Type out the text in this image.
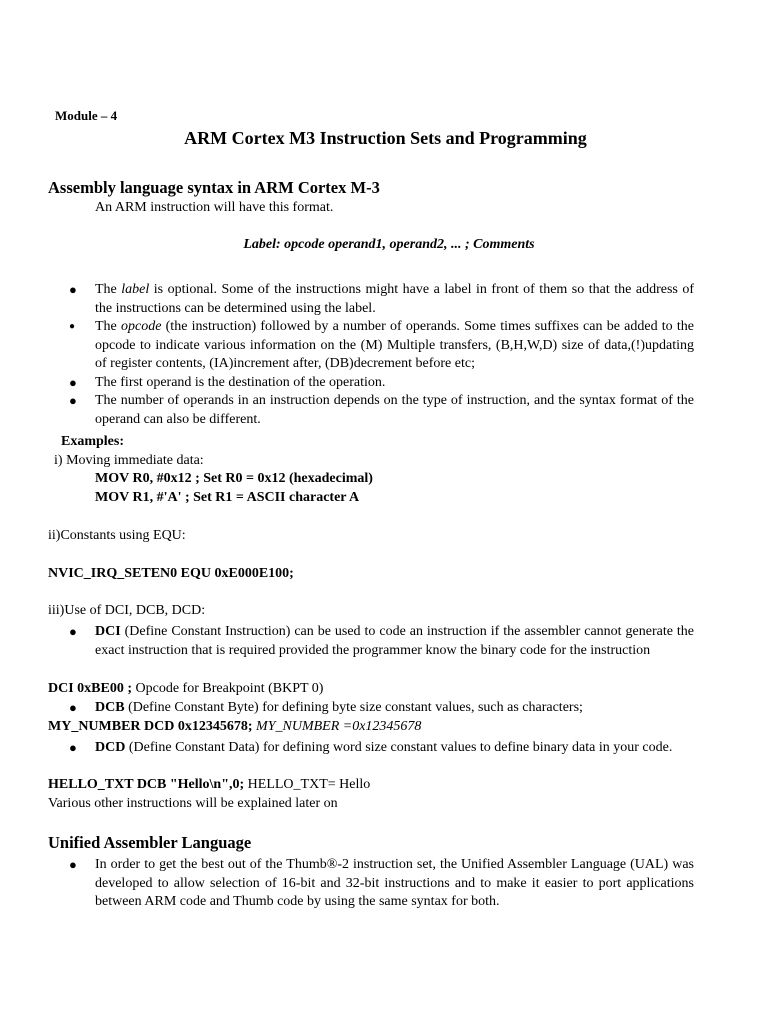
Module – 4
ARM Cortex M3 Instruction Sets and Programming
Assembly language syntax in ARM Cortex M-3
An ARM instruction will have this format.
Label: opcode operand1, operand2, ... ; Comments
● The label is optional. Some of the instructions might have a label in front of them so that the address of the instructions can be determined using the label.
● The opcode (the instruction) followed by a number of operands. Some times suffixes can be added to the opcode to indicate various information on the (M) Multiple transfers, (B,H,W,D) size of data,(!)updating of register contents, (IA)increment after, (DB)decrement before etc;
● The first operand is the destination of the operation.
● The number of operands in an instruction depends on the type of instruction, and the syntax format of the operand can also be different.
Examples:
i) Moving immediate data:
MOV R0, #0x12 ; Set R0 = 0x12 (hexadecimal)
MOV R1, #'A' ; Set R1 = ASCII character A
ii)Constants using EQU:
NVIC_IRQ_SETEN0 EQU 0xE000E100;
iii)Use of DCI, DCB, DCD:
● DCI (Define Constant Instruction) can be used to code an instruction if the assembler cannot generate the exact instruction that is required provided the programmer know the binary code for the instruction
DCI 0xBE00 ; Opcode for Breakpoint (BKPT 0)
● DCB (Define Constant Byte) for defining byte size constant values, such as characters;
MY_NUMBER DCD 0x12345678; MY_NUMBER =0x12345678
● DCD (Define Constant Data) for defining word size constant values to define binary data in your code.
HELLO_TXT DCB "Hello\n",0; HELLO_TXT= Hello
Various other instructions will be explained later on
Unified Assembler Language
● In order to get the best out of the Thumb®-2 instruction set, the Unified Assembler Language (UAL) was developed to allow selection of 16-bit and 32-bit instructions and to make it easier to port applications between ARM code and Thumb code by using the same syntax for both.
